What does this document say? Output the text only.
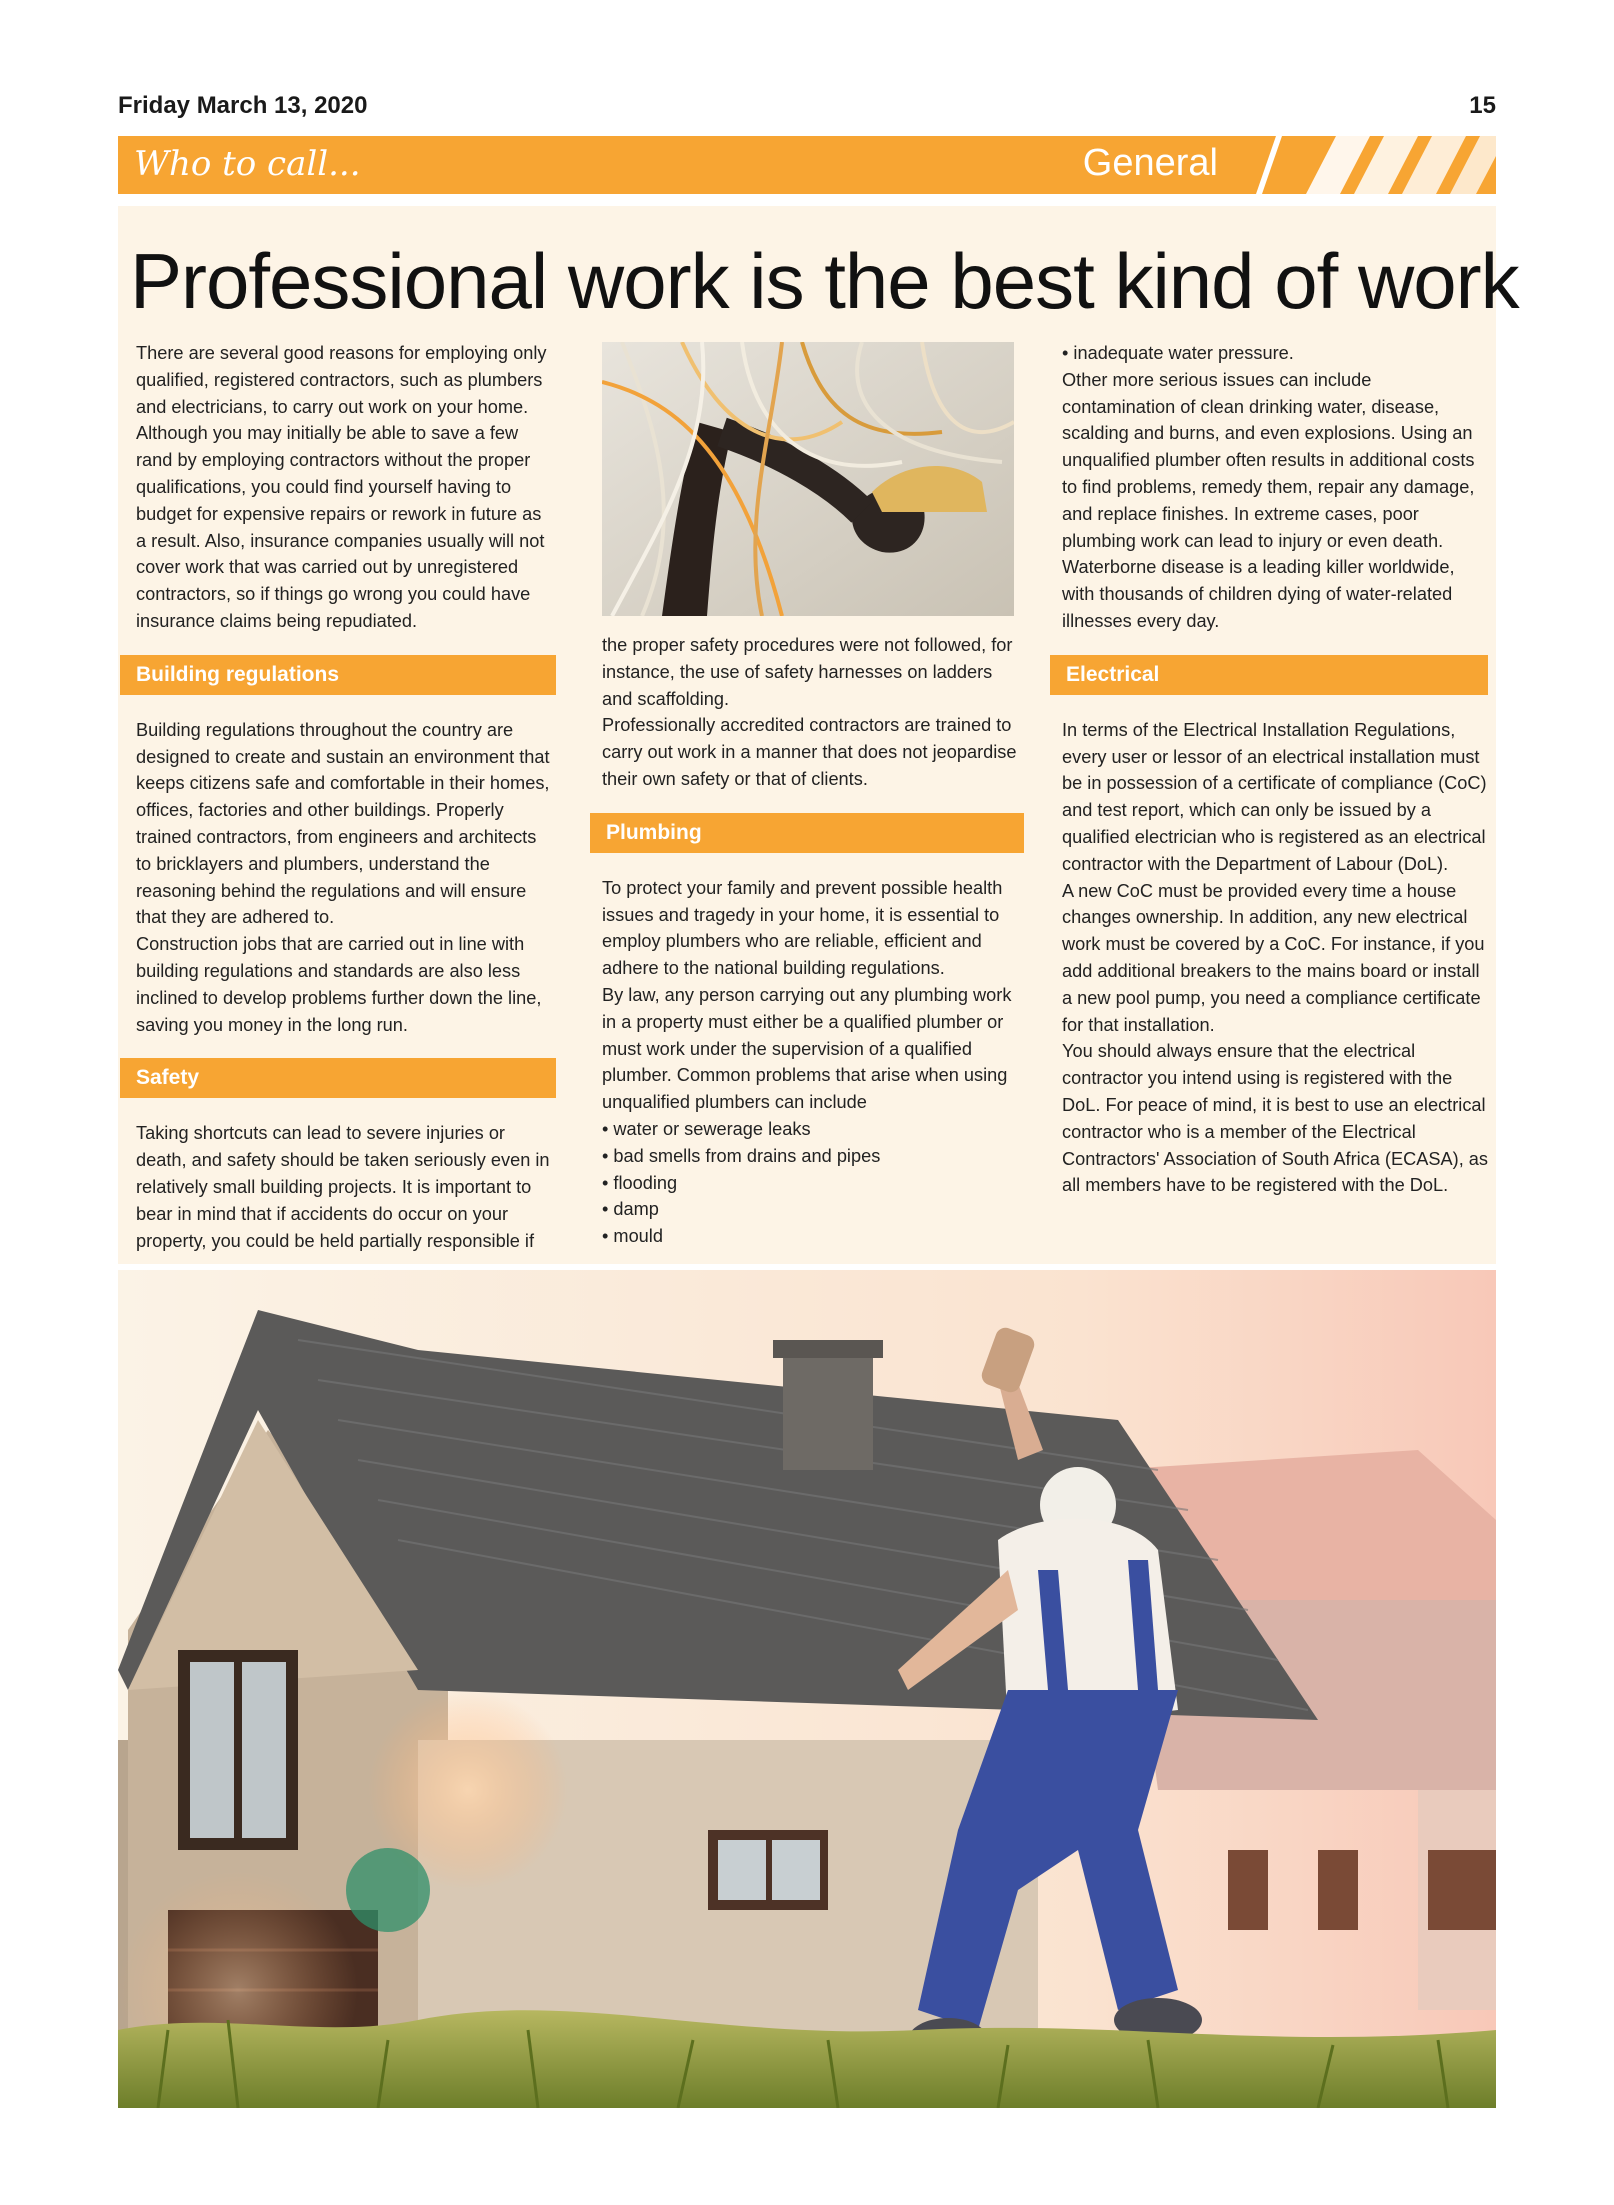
Friday March 13, 2020	15
Who to call...	General
Professional work is the best kind of work

There are several good reasons for employing only qualified, registered contractors, such as plumbers and electricians, to carry out work on your home. Although you may initially be able to save a few rand by employing contractors without the proper qualifications, you could find yourself having to budget for expensive repairs or rework in future as a result. Also, insurance companies usually will not cover work that was carried out by unregistered contractors, so if things go wrong you could have insurance claims being repudiated.

Building regulations

Building regulations throughout the country are designed to create and sustain an environment that keeps citizens safe and comfortable in their homes, offices, factories and other buildings. Properly trained contractors, from engineers and architects to bricklayers and plumbers, understand the reasoning behind the regulations and will ensure that they are adhered to.

Construction jobs that are carried out in line with building regulations and standards are also less inclined to develop problems further down the line, saving you money in the long run.

Safety

Taking shortcuts can lead to severe injuries or death, and safety should be taken seriously even in relatively small building projects. It is important to bear in mind that if accidents do occur on your property, you could be held partially responsible if

the proper safety procedures were not followed, for instance, the use of safety harnesses on ladders and scaffolding.

Professionally accredited contractors are trained to carry out work in a manner that does not jeopardise their own safety or that of clients.

Plumbing

To protect your family and prevent possible health issues and tragedy in your home, it is essential to employ plumbers who are reliable, efficient and adhere to the national building regulations.

By law, any person carrying out any plumbing work in a property must either be a qualified plumber or must work under the supervision of a qualified plumber. Common problems that arise when using unqualified plumbers can include

• water or sewerage leaks
• bad smells from drains and pipes
• flooding
• damp
• mould

• inadequate water pressure.

Other more serious issues can include contamination of clean drinking water, disease, scalding and burns, and even explosions. Using an unqualified plumber often results in additional costs to find problems, remedy them, repair any damage, and replace finishes. In extreme cases, poor plumbing work can lead to injury or even death. Waterborne disease is a leading killer worldwide, with thousands of children dying of water-related illnesses every day.

Electrical

In terms of the Electrical Installation Regulations, every user or lessor of an electrical installation must be in possession of a certificate of compliance (CoC) and test report, which can only be issued by a qualified electrician who is registered as an electrical contractor with the Department of Labour (DoL).

A new CoC must be provided every time a house changes ownership. In addition, any new electrical work must be covered by a CoC. For instance, if you add additional breakers to the mains board or install a new pool pump, you need a compliance certificate for that installation.

You should always ensure that the electrical contractor you intend using is registered with the DoL. For peace of mind, it is best to use an electrical contractor who is a member of the Electrical Contractors' Association of South Africa (ECASA), as all members have to be registered with the DoL.
